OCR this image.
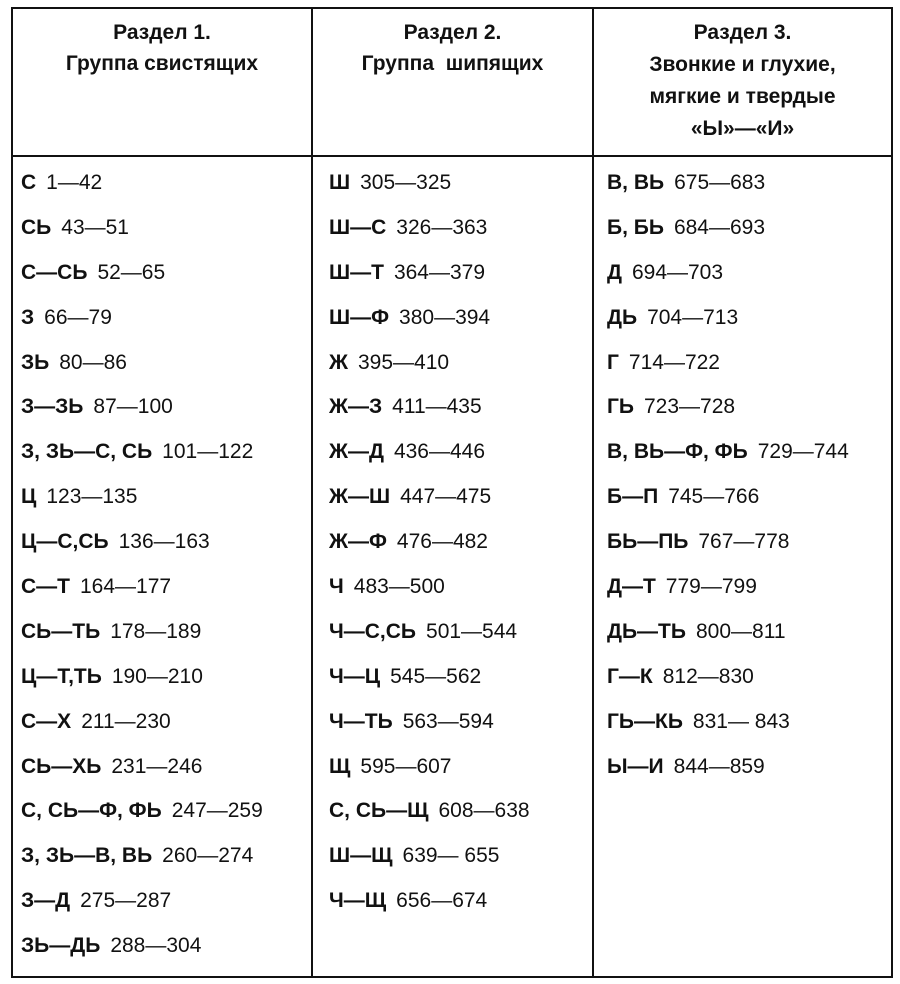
Раздел 1.
Группа свистящих
Раздел 2.
Группа  шипящих
Раздел 3.
Звонкие и глухие,
мягкие и твердые
«Ы»—«И»
С 1—42
СЬ 43—51
С—СЬ 52—65
З 66—79
ЗЬ 80—86
З—ЗЬ 87—100
З, ЗЬ—С, СЬ 101—122
Ц 123—135
Ц—С,СЬ 136—163
С—Т 164—177
СЬ—ТЬ 178—189
Ц—Т,ТЬ 190—210
С—Х 211—230
СЬ—ХЬ 231—246
С, СЬ—Ф, ФЬ 247—259
З, ЗЬ—В, ВЬ 260—274
З—Д 275—287
ЗЬ—ДЬ 288—304
Ш 305—325
Ш—С 326—363
Ш—Т 364—379
Ш—Ф 380—394
Ж 395—410
Ж—З 411—435
Ж—Д 436—446
Ж—Ш 447—475
Ж—Ф 476—482
Ч 483—500
Ч—С,СЬ 501—544
Ч—Ц 545—562
Ч—ТЬ 563—594
Щ 595—607
С, СЬ—Щ 608—638
Ш—Щ 639— 655
Ч—Щ 656—674
В, ВЬ 675—683
Б, БЬ 684—693
Д 694—703
ДЬ 704—713
Г 714—722
ГЬ 723—728
В, ВЬ—Ф, ФЬ 729—744
Б—П 745—766
БЬ—ПЬ 767—778
Д—Т 779—799
ДЬ—ТЬ 800—811
Г—К 812—830
ГЬ—КЬ 831— 843
Ы—И 844—859
